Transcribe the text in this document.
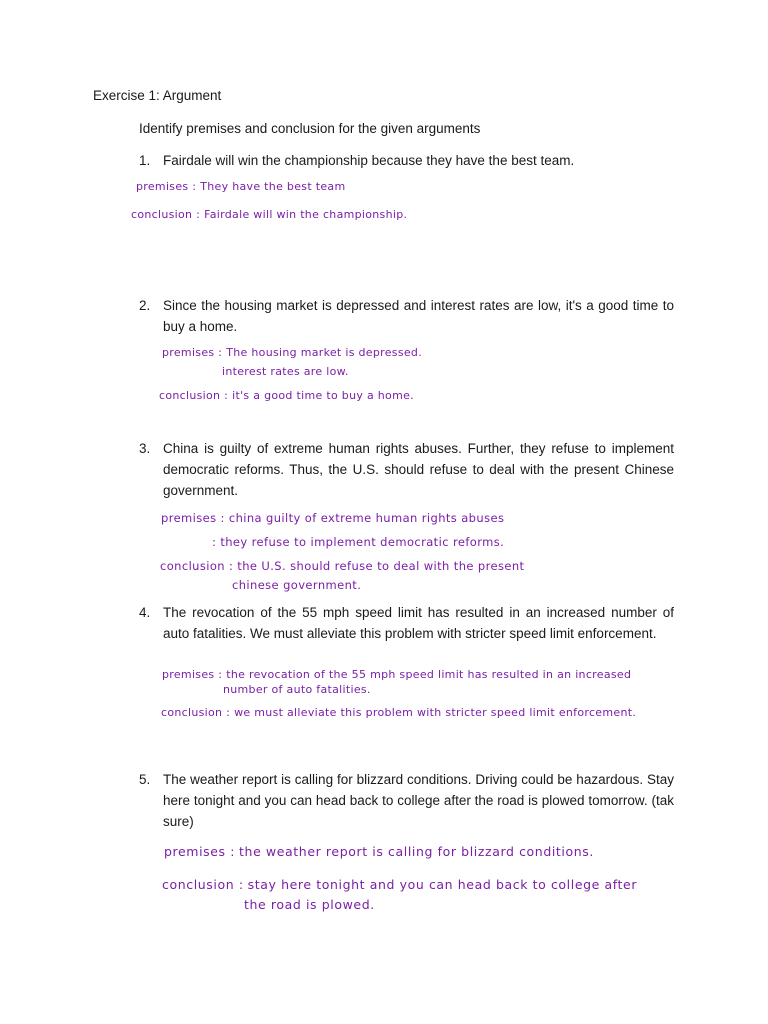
Exercise 1: Argument
Identify premises and conclusion for the given arguments
1. Fairdale will win the championship because they have the best team.
premises : They have the best team
conclusion : Fairdale will win the championship.
2. Since the housing market is depressed and interest rates are low, it's a good time to buy a home.
premises : The housing market is depressed.
interest rates are low.
conclusion : it's a good time to buy a home.
3. China is guilty of extreme human rights abuses. Further, they refuse to implement democratic reforms. Thus, the U.S. should refuse to deal with the present Chinese government.
premises : china guilty of extreme human rights abuses
: they refuse to implement democratic reforms.
conclusion : the U.S. should refuse to deal with the present
chinese government.
4. The revocation of the 55 mph speed limit has resulted in an increased number of auto fatalities. We must alleviate this problem with stricter speed limit enforcement.
premises : the revocation of the 55 mph speed limit has resulted in an increased
number of auto fatalities.
conclusion : we must alleviate this problem with stricter speed limit enforcement.
5. The weather report is calling for blizzard conditions. Driving could be hazardous. Stay here tonight and you can head back to college after the road is plowed tomorrow. (tak sure)
premises : the weather report is calling for blizzard conditions.
conclusion : stay here tonight and you can head back to college after
the road is plowed.
